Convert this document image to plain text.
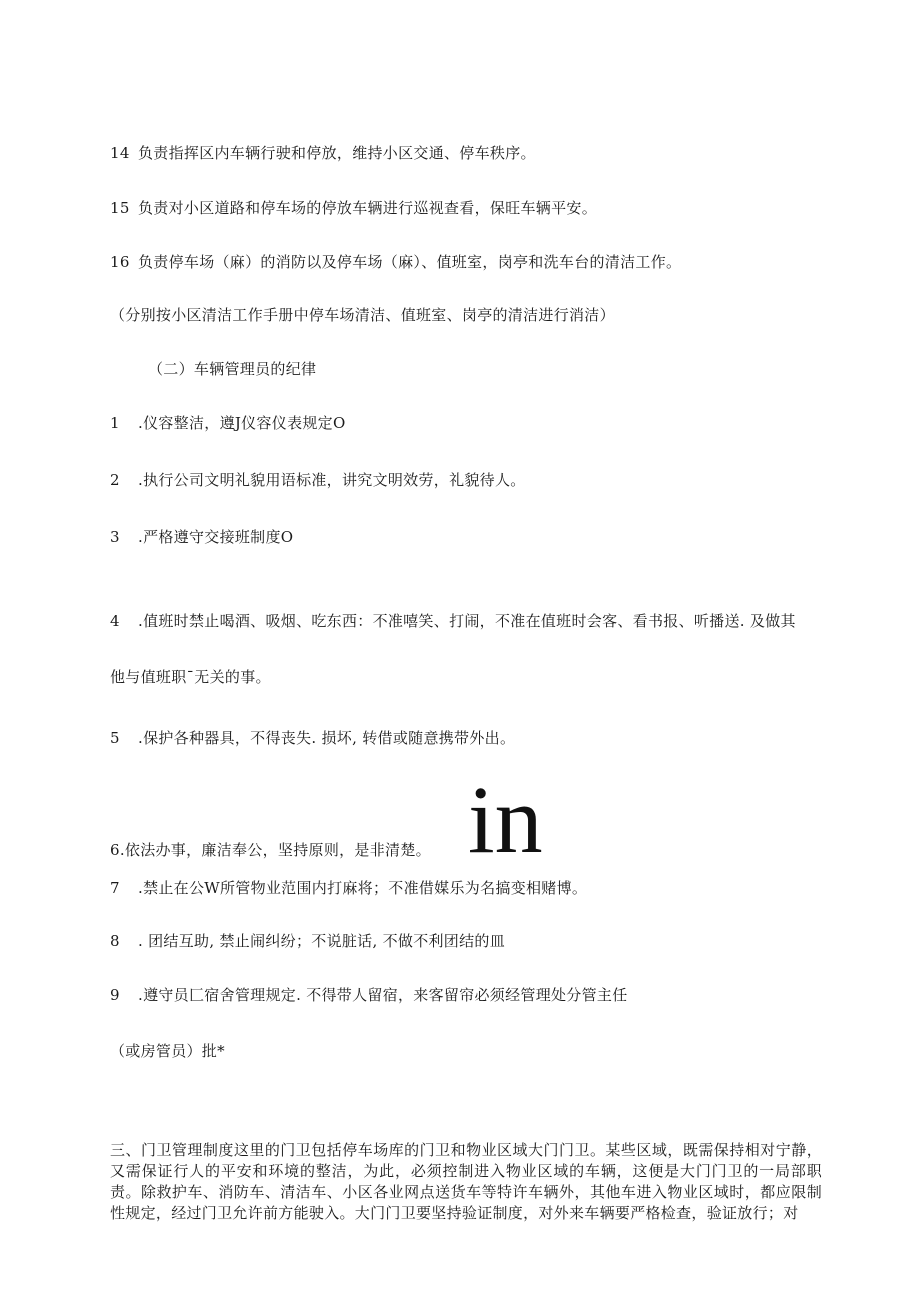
14 负责指挥区内车辆行驶和停放，维持小区交通、停车秩序。
15 负责对小区道路和停车场的停放车辆进行巡视查看，保旺车辆平安。
16 负责停车场（麻）的消防以及停车场（麻）、值班室，岗亭和洗车台的清洁工作。
（分别按小区清洁工作手册中停车场清洁、值班室、岗亭的清洁进行消洁）
（二）车辆管理员的纪律
1 .仪容整洁，遵J仪容仪表规定O
2 .执行公司文明礼貌用语标准，讲究文明效劳，礼貌待人。
3 .严格遵守交接班制度O
4 .值班时禁止喝酒、吸烟、吃东西：不准嘻笑、打闹，不准在值班时会客、看书报、听播送. 及做其
他与值班职ˉ无关的事。
5 .保护各种器具，不得丧失. 损坏, 转借或随意携带外出。
6.依法办事，廉洁奉公，坚持原则，是非清楚。 in
7 .禁止在公W所管物业范围内打麻将；不准借媒乐为名搞变相赌博。
8 . 团结互助, 禁止闹纠纷；不说脏话, 不做不利团结的皿
9 .遵守员匚宿舍管理规定. 不得带人留宿，来客留帘必须经管理处分管主任
（或房管员）批*
三、门卫管理制度这里的门卫包括停车场库的门卫和物业区域大门门卫。某些区域，既需保持相对宁静，又需保证行人的平安和环境的整洁，为此，必须控制进入物业区域的车辆，这便是大门门卫的一局部职责。除救护车、消防车、清洁车、小区各业网点送货车等特许车辆外，其他车进入物业区域时，都应限制性规定，经过门卫允许前方能驶入。大门门卫要坚持验证制度，对外来车辆要严格检查，验证放行；对
